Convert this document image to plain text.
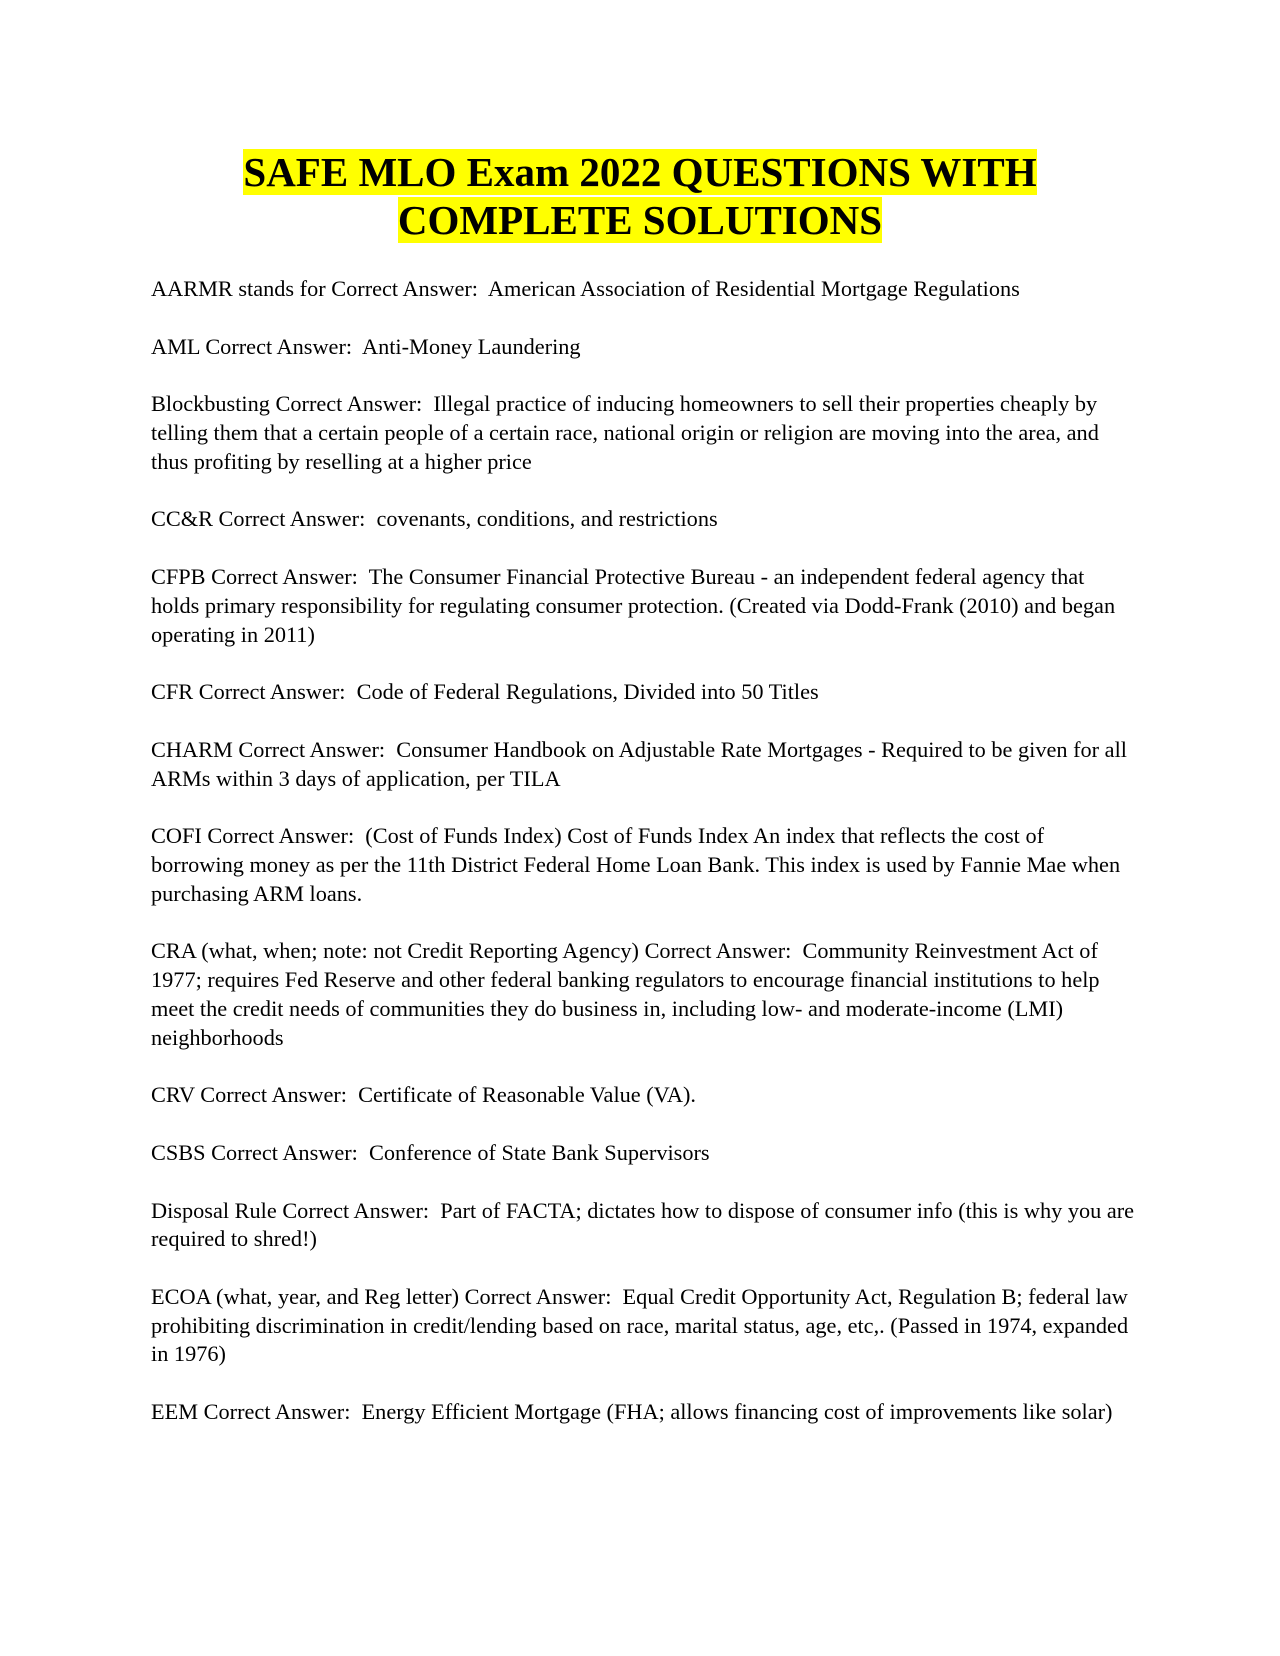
SAFE MLO Exam 2022 QUESTIONS WITH
COMPLETE SOLUTIONS

AARMR stands for Correct Answer: American Association of Residential Mortgage Regulations

AML Correct Answer: Anti-Money Laundering

Blockbusting Correct Answer: Illegal practice of inducing homeowners to sell their properties cheaply by telling them that a certain people of a certain race, national origin or religion are moving into the area, and thus profiting by reselling at a higher price

CC&R Correct Answer: covenants, conditions, and restrictions

CFPB Correct Answer: The Consumer Financial Protective Bureau - an independent federal agency that holds primary responsibility for regulating consumer protection. (Created via Dodd-Frank (2010) and began operating in 2011)

CFR Correct Answer: Code of Federal Regulations, Divided into 50 Titles

CHARM Correct Answer: Consumer Handbook on Adjustable Rate Mortgages - Required to be given for all ARMs within 3 days of application, per TILA

COFI Correct Answer: (Cost of Funds Index) Cost of Funds Index An index that reflects the cost of borrowing money as per the 11th District Federal Home Loan Bank. This index is used by Fannie Mae when purchasing ARM loans.

CRA (what, when; note: not Credit Reporting Agency) Correct Answer: Community Reinvestment Act of 1977; requires Fed Reserve and other federal banking regulators to encourage financial institutions to help meet the credit needs of communities they do business in, including low- and moderate-income (LMI) neighborhoods

CRV Correct Answer: Certificate of Reasonable Value (VA).

CSBS Correct Answer: Conference of State Bank Supervisors

Disposal Rule Correct Answer: Part of FACTA; dictates how to dispose of consumer info (this is why you are required to shred!)

ECOA (what, year, and Reg letter) Correct Answer: Equal Credit Opportunity Act, Regulation B; federal law prohibiting discrimination in credit/lending based on race, marital status, age, etc,. (Passed in 1974, expanded in 1976)

EEM Correct Answer: Energy Efficient Mortgage (FHA; allows financing cost of improvements like solar)
